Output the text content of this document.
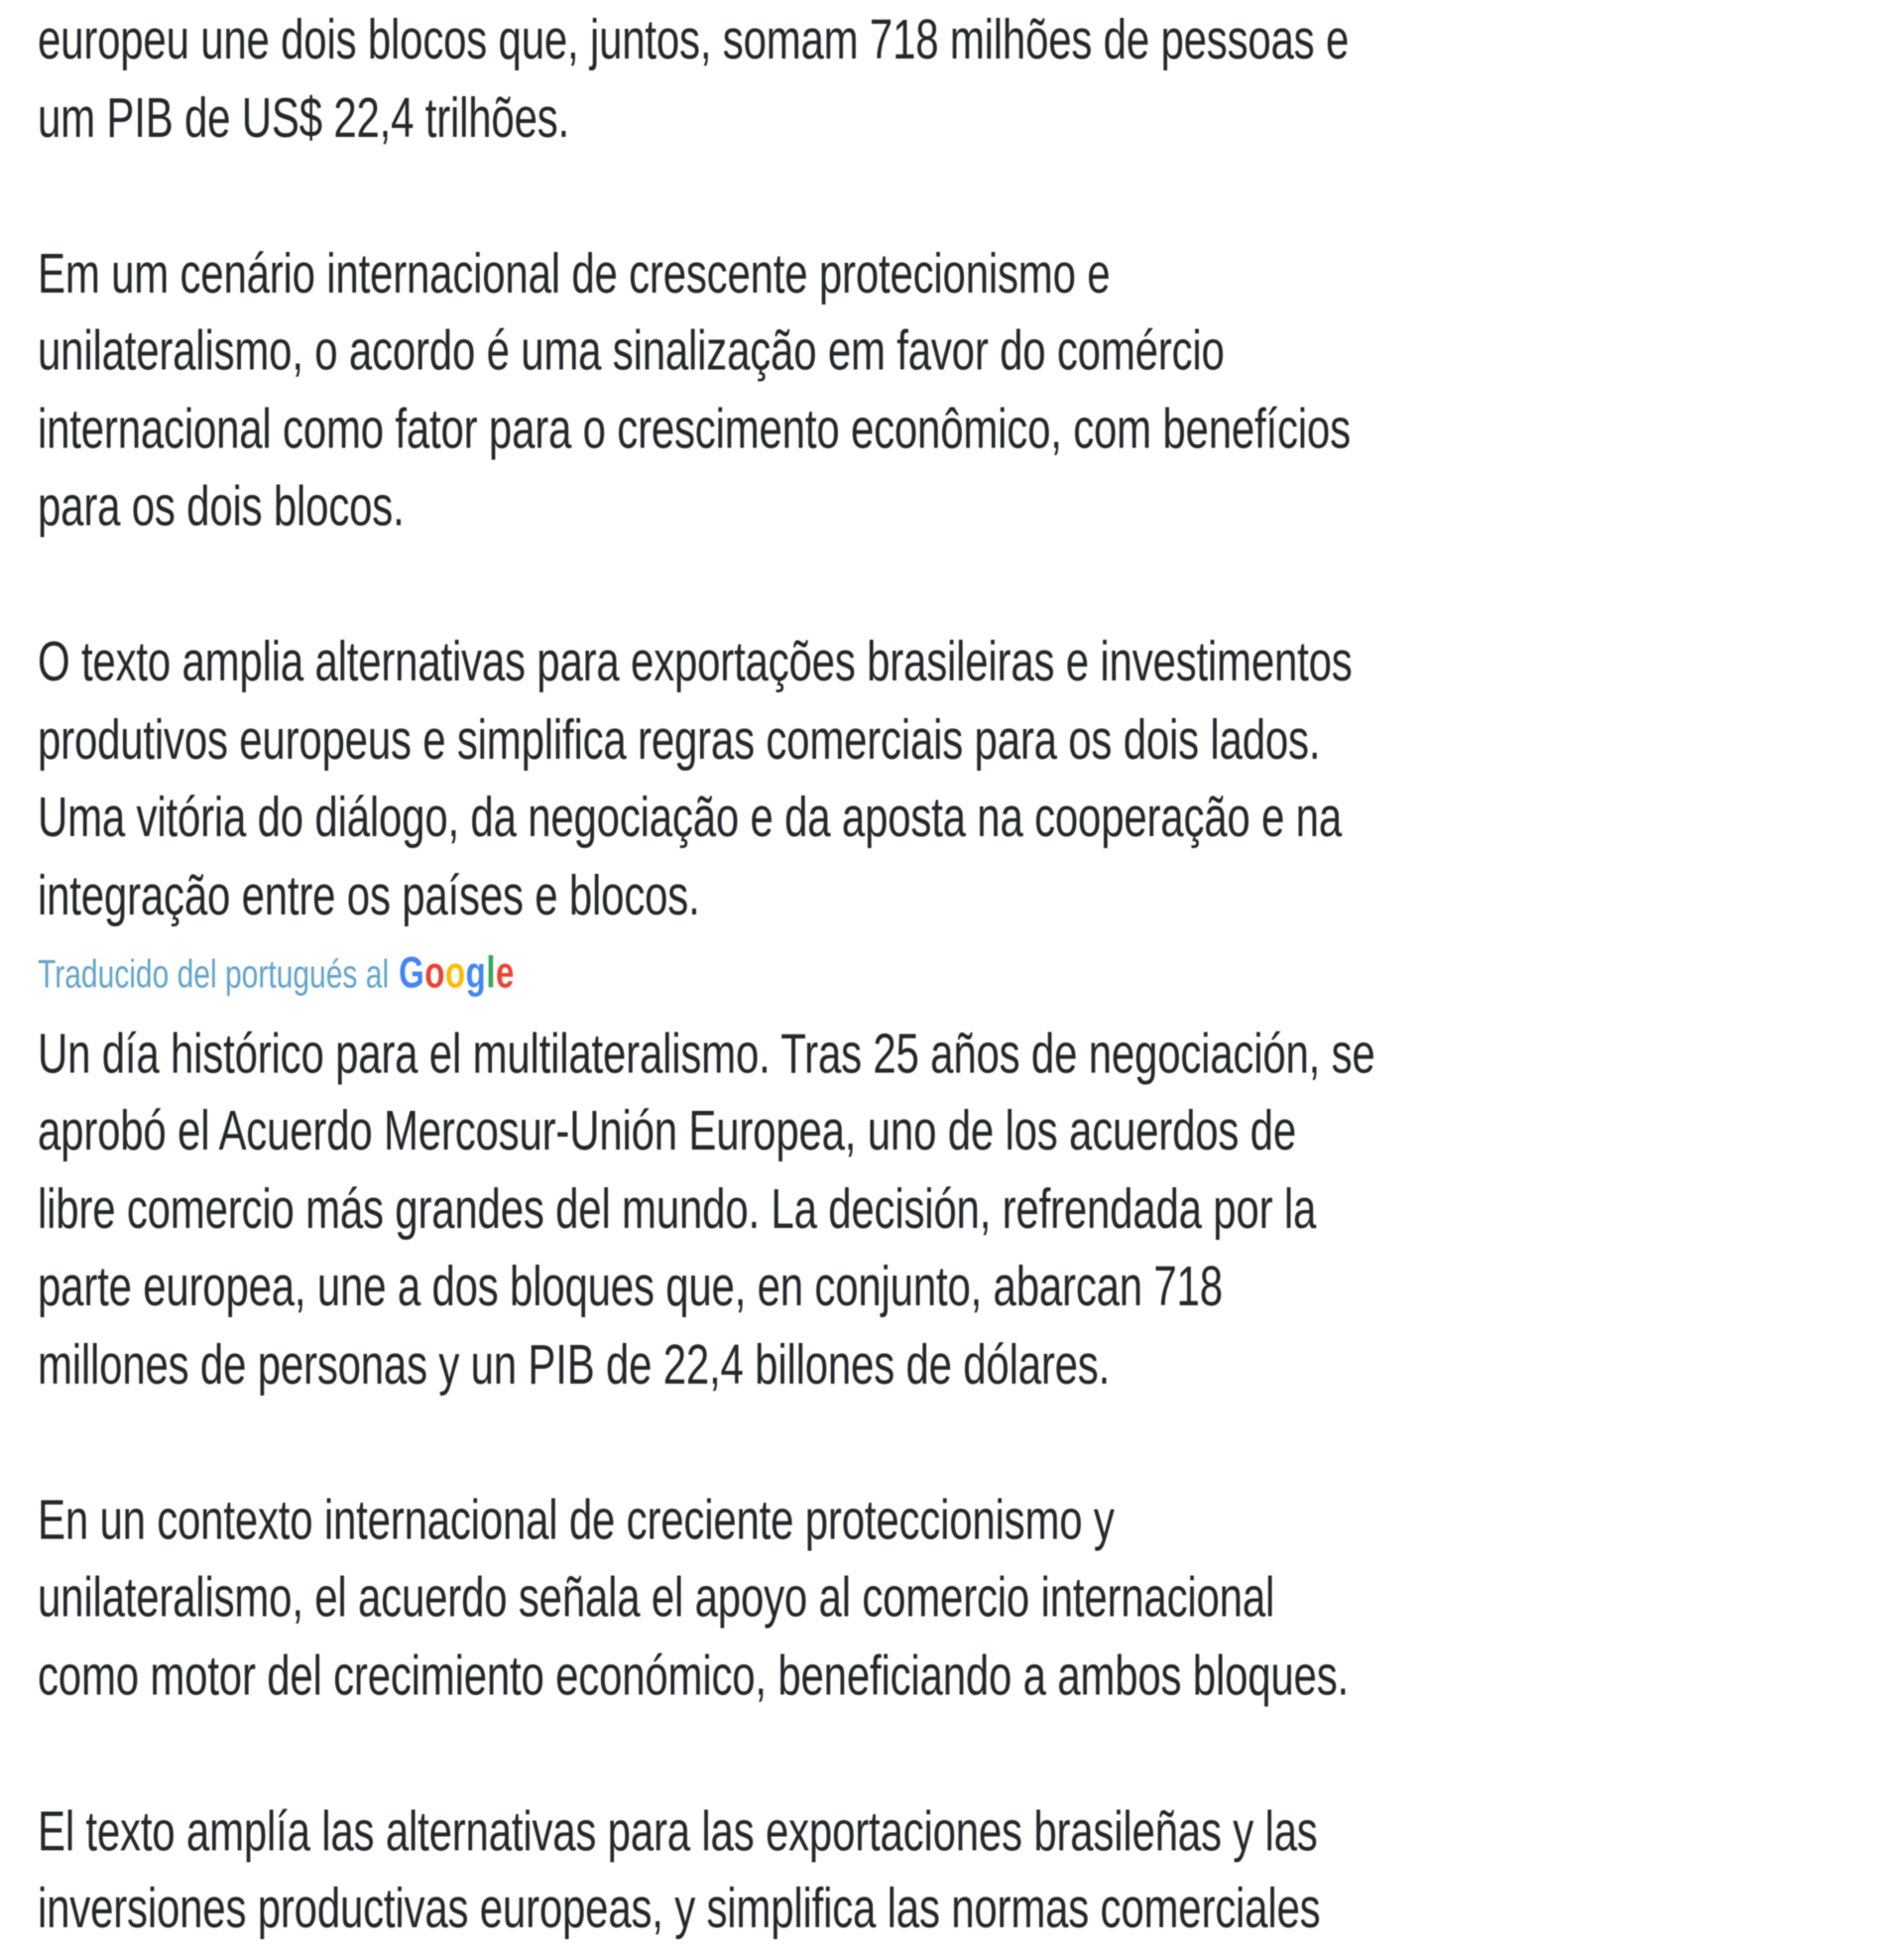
europeu une dois blocos que, juntos, somam 718 milhões de pessoas e
um PIB de US$ 22,4 trilhões.
Em um cenário internacional de crescente protecionismo e
unilateralismo, o acordo é uma sinalização em favor do comércio
internacional como fator para o crescimento econômico, com benefícios
para os dois blocos.
O texto amplia alternativas para exportações brasileiras e investimentos
produtivos europeus e simplifica regras comerciais para os dois lados.
Uma vitória do diálogo, da negociação e da aposta na cooperação e na
integração entre os países e blocos.
Traducido del portugués al Google
Un día histórico para el multilateralismo. Tras 25 años de negociación, se
aprobó el Acuerdo Mercosur-Unión Europea, uno de los acuerdos de
libre comercio más grandes del mundo. La decisión, refrendada por la
parte europea, une a dos bloques que, en conjunto, abarcan 718
millones de personas y un PIB de 22,4 billones de dólares.
En un contexto internacional de creciente proteccionismo y
unilateralismo, el acuerdo señala el apoyo al comercio internacional
como motor del crecimiento económico, beneficiando a ambos bloques.
El texto amplía las alternativas para las exportaciones brasileñas y las
inversiones productivas europeas, y simplifica las normas comerciales
